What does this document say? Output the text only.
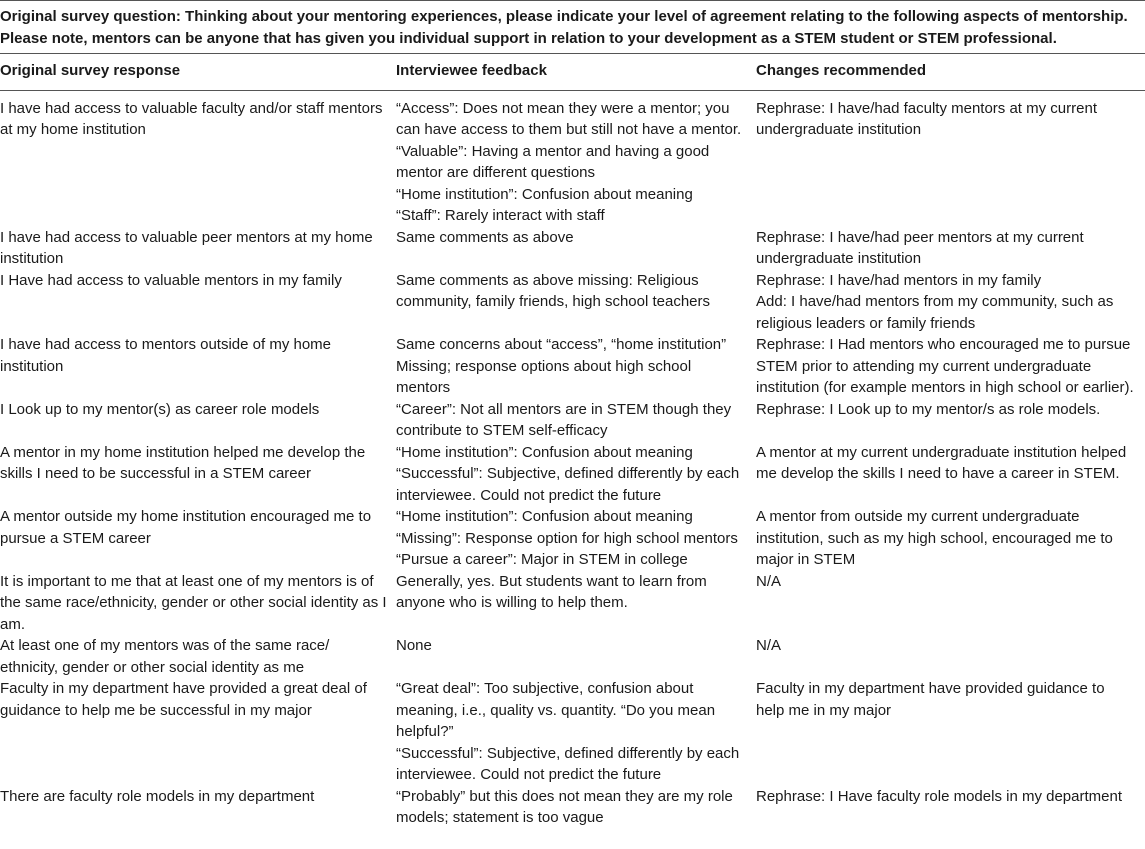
Original survey question: Thinking about your mentoring experiences, please indicate your level of agreement relating to the following aspects of mentorship.
Please note, mentors can be anyone that has given you individual support in relation to your development as a STEM student or STEM professional.
Original survey response	Interviewee feedback	Changes recommended

I have had access to valuable faculty and/or staff mentors at my home institution	“Access”: Does not mean they were a mentor; you can have access to them but still not have a mentor.
“Valuable”: Having a mentor and having a good mentor are different questions
“Home institution”: Confusion about meaning
“Staff”: Rarely interact with staff	Rephrase: I have/had faculty mentors at my current undergraduate institution

I have had access to valuable peer mentors at my home institution	Same comments as above	Rephrase: I have/had peer mentors at my current undergraduate institution

I Have had access to valuable mentors in my family	Same comments as above missing: Religious community, family friends, high school teachers	Rephrase: I have/had mentors in my family
Add: I have/had mentors from my community, such as religious leaders or family friends

I have had access to mentors outside of my home institution	Same concerns about “access”, “home institution”
Missing; response options about high school mentors	Rephrase: I Had mentors who encouraged me to pursue STEM prior to attending my current undergraduate institution (for example mentors in high school or earlier).

I Look up to my mentor(s) as career role models	“Career”: Not all mentors are in STEM though they contribute to STEM self-efficacy	Rephrase: I Look up to my mentor/s as role models.

A mentor in my home institution helped me develop the skills I need to be successful in a STEM career	“Home institution”: Confusion about meaning
“Successful”: Subjective, defined differently by each interviewee. Could not predict the future	A mentor at my current undergraduate institution helped me develop the skills I need to have a career in STEM.

A mentor outside my home institution encouraged me to pursue a STEM career	“Home institution”: Confusion about meaning
“Missing”: Response option for high school mentors
“Pursue a career”: Major in STEM in college	A mentor from outside my current undergraduate institution, such as my high school, encouraged me to major in STEM

It is important to me that at least one of my mentors is of the same race/ethnicity, gender or other social identity as I am.	Generally, yes. But students want to learn from anyone who is willing to help them.	N/A

At least one of my mentors was of the same race/ ethnicity, gender or other social identity as me	None	N/A

Faculty in my department have provided a great deal of guidance to help me be successful in my major	“Great deal”: Too subjective, confusion about meaning, i.e., quality vs. quantity. “Do you mean helpful?”
“Successful”: Subjective, defined differently by each interviewee. Could not predict the future	Faculty in my department have provided guidance to help me in my major

There are faculty role models in my department	“Probably” but this does not mean they are my role models; statement is too vague	Rephrase: I Have faculty role models in my department
